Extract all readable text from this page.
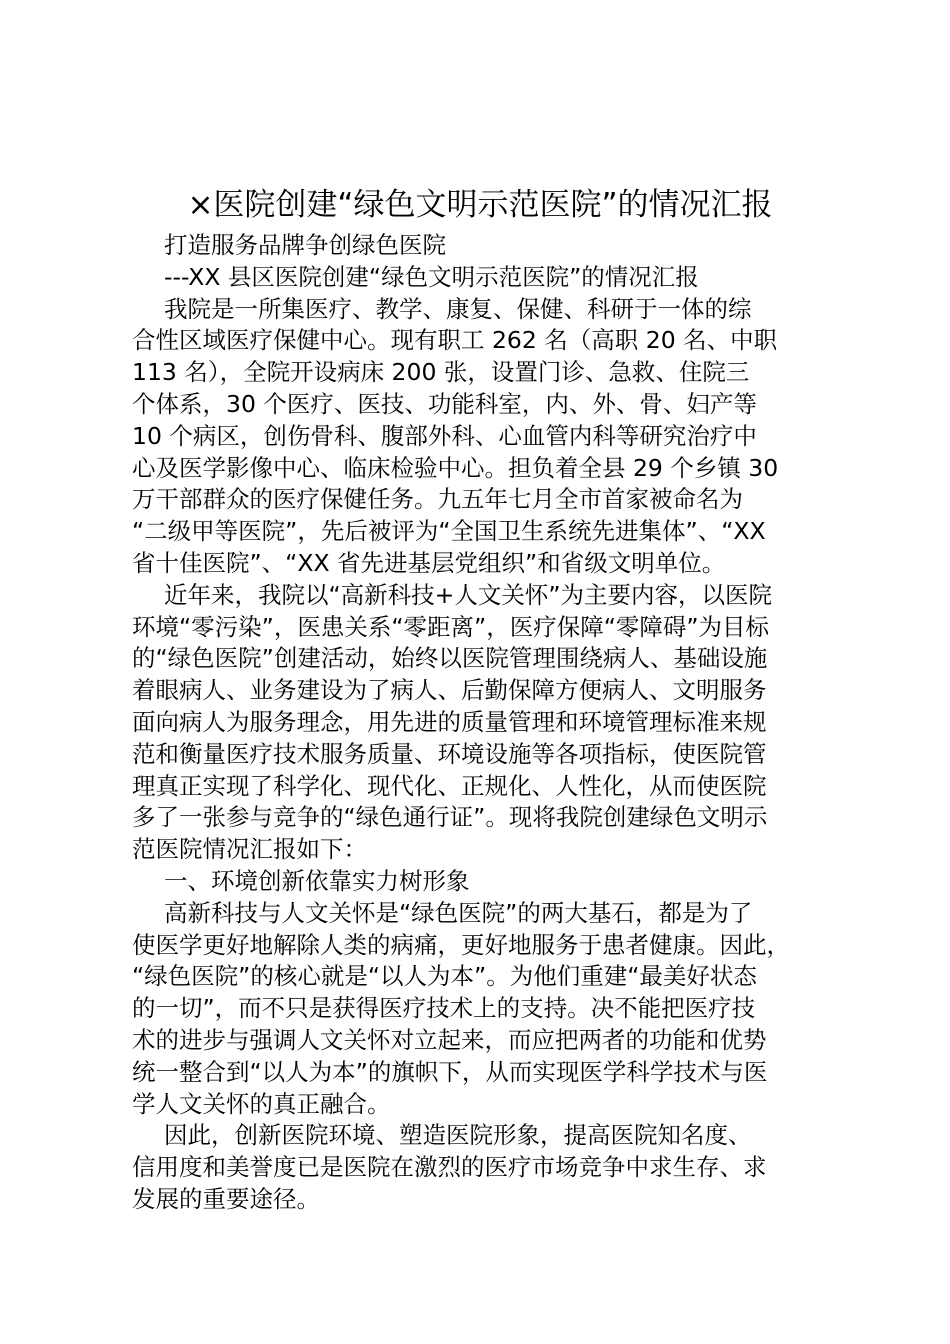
×医院创建“绿色文明示范医院”的情况汇报
打造服务品牌争创绿色医院
---XX 县区医院创建“绿色文明示范医院”的情况汇报
我院是一所集医疗、教学、康复、保健、科研于一体的综
合性区域医疗保健中心。现有职工 262 名（高职 20 名、中职
113 名），全院开设病床 200 张，设置门诊、急救、住院三
个体系，30 个医疗、医技、功能科室，内、外、骨、妇产等
10 个病区，创伤骨科、腹部外科、心血管内科等研究治疗中
心及医学影像中心、临床检验中心。担负着全县 29 个乡镇 30
万干部群众的医疗保健任务。九五年七月全市首家被命名为
“二级甲等医院”，先后被评为“全国卫生系统先进集体”、“XX
省十佳医院”、“XX 省先进基层党组织”和省级文明单位。
近年来，我院以“高新科技+人文关怀”为主要内容，以医院
环境“零污染”，医患关系“零距离”，医疗保障“零障碍”为目标
的“绿色医院”创建活动，始终以医院管理围绕病人、基础设施
着眼病人、业务建设为了病人、后勤保障方便病人、文明服务
面向病人为服务理念，用先进的质量管理和环境管理标准来规
范和衡量医疗技术服务质量、环境设施等各项指标，使医院管
理真正实现了科学化、现代化、正规化、人性化，从而使医院
多了一张参与竞争的“绿色通行证”。现将我院创建绿色文明示
范医院情况汇报如下：
一、环境创新依靠实力树形象
高新科技与人文关怀是“绿色医院”的两大基石，都是为了
使医学更好地解除人类的病痛，更好地服务于患者健康。因此，
“绿色医院”的核心就是“以人为本”。为他们重建“最美好状态
的一切”，而不只是获得医疗技术上的支持。决不能把医疗技
术的进步与强调人文关怀对立起来，而应把两者的功能和优势
统一整合到“以人为本”的旗帜下，从而实现医学科学技术与医
学人文关怀的真正融合。
因此，创新医院环境、塑造医院形象，提高医院知名度、
信用度和美誉度已是医院在激烈的医疗市场竞争中求生存、求
发展的重要途径。
